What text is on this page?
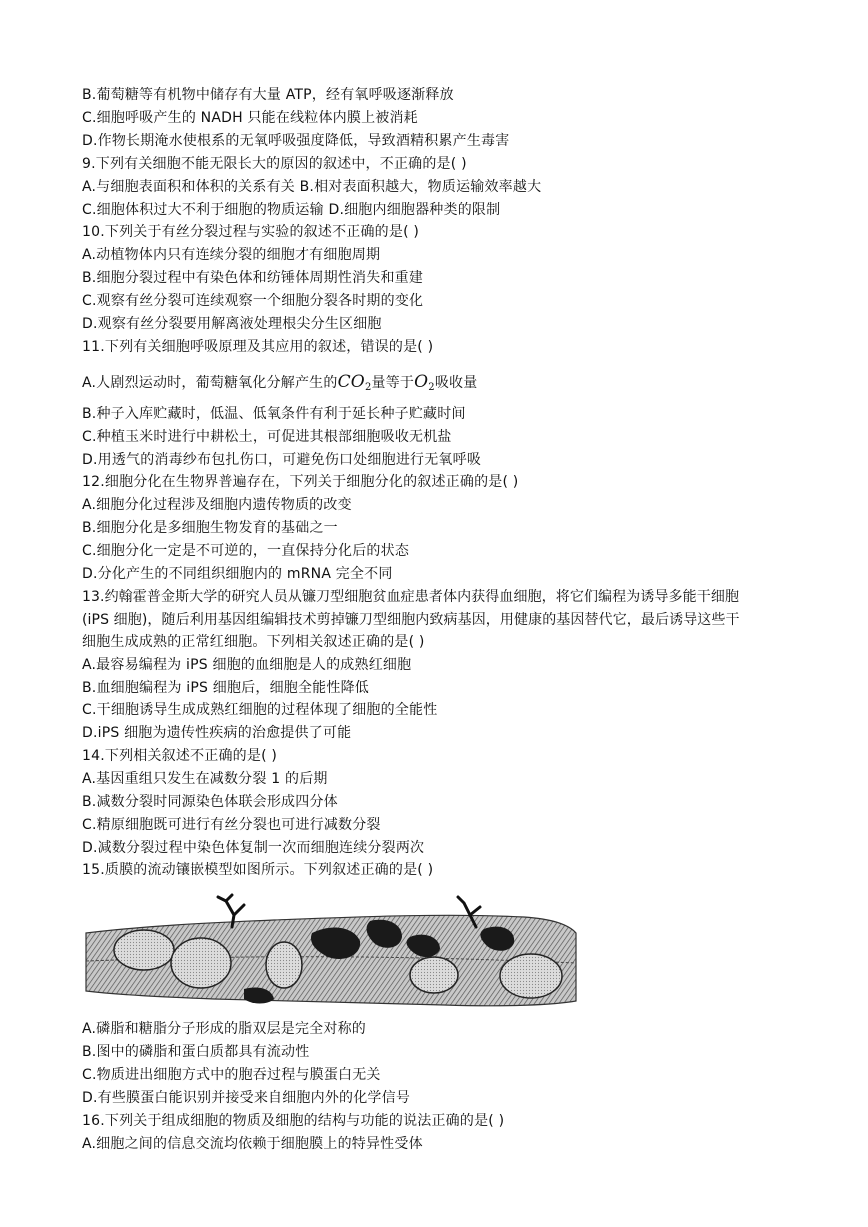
B.葡萄糖等有机物中储存有大量 ATP，经有氧呼吸逐渐释放
C.细胞呼吸产生的 NADH 只能在线粒体内膜上被消耗
D.作物长期淹水使根系的无氧呼吸强度降低，导致酒精积累产生毒害
9.下列有关细胞不能无限长大的原因的叙述中，不正确的是( )
A.与细胞表面积和体积的关系有关 B.相对表面积越大，物质运输效率越大
C.细胞体积过大不利于细胞的物质运输 D.细胞内细胞器种类的限制
10.下列关于有丝分裂过程与实验的叙述不正确的是( )
A.动植物体内只有连续分裂的细胞才有细胞周期
B.细胞分裂过程中有染色体和纺锤体周期性消失和重建
C.观察有丝分裂可连续观察一个细胞分裂各时期的变化
D.观察有丝分裂要用解离液处理根尖分生区细胞
11.下列有关细胞呼吸原理及其应用的叙述，错误的是( )
A.人剧烈运动时，葡萄糖氧化分解产生的$CO_2$量等于$O_2$吸收量
B.种子入库贮藏时，低温、低氧条件有利于延长种子贮藏时间
C.种植玉米时进行中耕松土，可促进其根部细胞吸收无机盐
D.用透气的消毒纱布包扎伤口，可避免伤口处细胞进行无氧呼吸
12.细胞分化在生物界普遍存在，下列关于细胞分化的叙述正确的是( )
A.细胞分化过程涉及细胞内遗传物质的改变
B.细胞分化是多细胞生物发育的基础之一
C.细胞分化一定是不可逆的，一直保持分化后的状态
D.分化产生的不同组织细胞内的 mRNA 完全不同
13.约翰霍普金斯大学的研究人员从镰刀型细胞贫血症患者体内获得血细胞，将它们编程为诱导多能干细胞
(iPS 细胞)，随后利用基因组编辑技术剪掉镰刀型细胞内致病基因，用健康的基因替代它，最后诱导这些干
细胞生成成熟的正常红细胞。下列相关叙述正确的是( )
A.最容易编程为 iPS 细胞的血细胞是人的成熟红细胞
B.血细胞编程为 iPS 细胞后，细胞全能性降低
C.干细胞诱导生成成熟红细胞的过程体现了细胞的全能性
D.iPS 细胞为遗传性疾病的治愈提供了可能
14.下列相关叙述不正确的是( )
A.基因重组只发生在减数分裂 1 的后期
B.减数分裂时同源染色体联会形成四分体
C.精原细胞既可进行有丝分裂也可进行减数分裂
D.减数分裂过程中染色体复制一次而细胞连续分裂两次
15.质膜的流动镶嵌模型如图所示。下列叙述正确的是( )
A.磷脂和糖脂分子形成的脂双层是完全对称的
B.图中的磷脂和蛋白质都具有流动性
C.物质进出细胞方式中的胞吞过程与膜蛋白无关
D.有些膜蛋白能识别并接受来自细胞内外的化学信号
16.下列关于组成细胞的物质及细胞的结构与功能的说法正确的是( )
A.细胞之间的信息交流均依赖于细胞膜上的特异性受体
